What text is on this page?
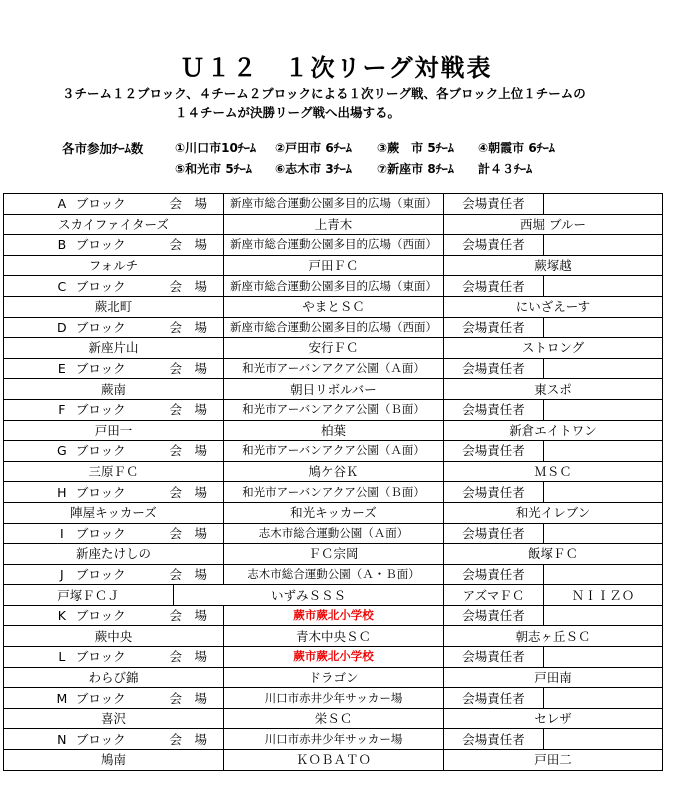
Ｕ１２　１次リーグ対戦表
３チーム１２ブロック、４チーム２ブロックによる１次リーグ戦、各ブロック上位１チームの
１４チームが決勝リーグ戦へ出場する。
各市参加ﾁｰﾑ数	①川口市10ﾁｰﾑ ②戸田市 6ﾁｰﾑ ③蕨　市 5ﾁｰﾑ ④朝霞市 6ﾁｰﾑ
⑤和光市 5ﾁｰﾑ ⑥志木市 3ﾁｰﾑ ⑦新座市 8ﾁｰﾑ 計４３ﾁｰﾑ
A ブロック 会　場		新座市総合運動公園多目的広場（東面）	会場責任者	
スカイファイターズ		上青木	西堀 ブルー	
B ブロック 会　場		新座市総合運動公園多目的広場（西面）	会場責任者	
フォルチ		戸田ＦＣ	蕨塚越	
C ブロック 会　場		新座市総合運動公園多目的広場（東面）	会場責任者	
蕨北町		やまとＳＣ	にいざえーす	
D ブロック 会　場		新座市総合運動公園多目的広場（西面）	会場責任者	
新座片山		安行ＦＣ	ストロング	
E ブロック 会　場		和光市アーバンアクア公園（Ａ面）	会場責任者	
蕨南		朝日リボルバー	東スポ	
F ブロック 会　場		和光市アーバンアクア公園（Ｂ面）	会場責任者	
戸田一		柏葉	新倉エイトワン	
G ブロック 会　場		和光市アーバンアクア公園（Ａ面）	会場責任者	
三原ＦＣ		鳩ケ谷Ｋ	ＭＳＣ	
H ブロック 会　場		和光市アーバンアクア公園（Ｂ面）	会場責任者	
陣屋キッカーズ		和光キッカーズ	和光イレブン	
I ブロック 会　場		志木市総合運動公園（Ａ面）	会場責任者	
新座たけしの		ＦＣ宗岡	飯塚ＦＣ	
J ブロック 会　場		志木市総合運動公園（Ａ・Ｂ面）	会場責任者	
戸塚ＦＣＪ	いずみＳＳＳ		アズマＦＣ	ＮＩＩＺＯ
K ブロック 会　場		蕨市蕨北小学校	会場責任者	
蕨中央		青木中央ＳＣ	朝志ヶ丘ＳＣ	
L ブロック 会　場		蕨市蕨北小学校	会場責任者	
わらび錦		ドラゴン	戸田南	
M ブロック 会　場		川口市赤井少年サッカー場	会場責任者	
喜沢		栄ＳＣ	セレザ	
N ブロック 会　場		川口市赤井少年サッカー場	会場責任者	
鳩南		ＫＯＢＡＴＯ	戸田二	
